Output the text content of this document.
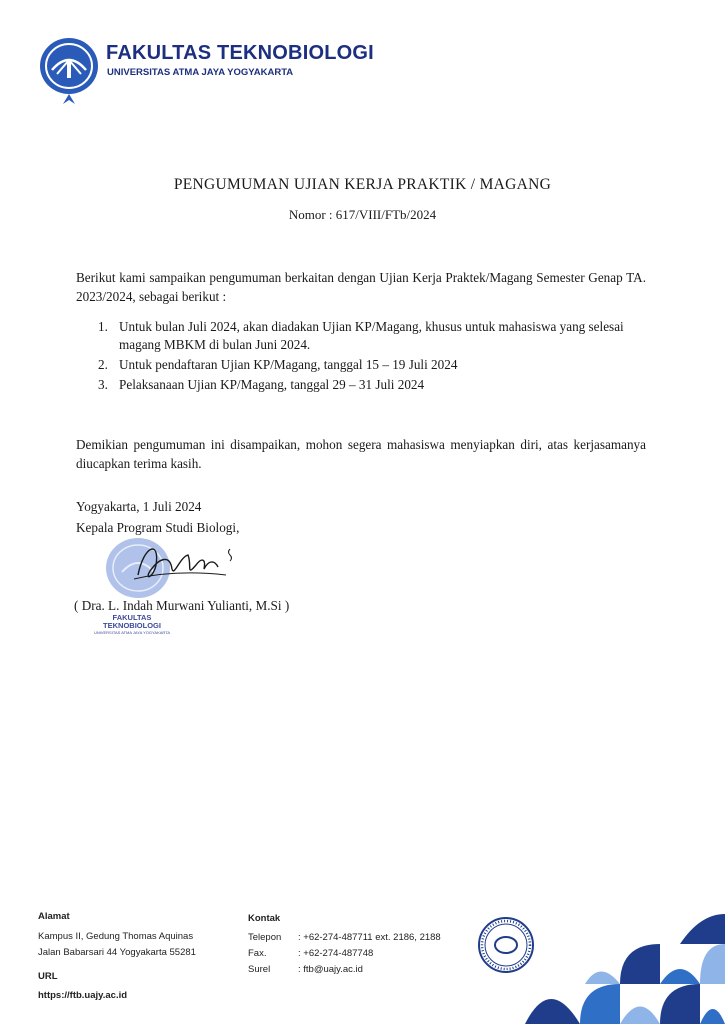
FAKULTAS TEKNOBIOLOGI
UNIVERSITAS ATMA JAYA YOGYAKARTA
PENGUMUMAN UJIAN KERJA PRAKTIK / MAGANG
Nomor : 617/VIII/FTb/2024
Berikut kami sampaikan pengumuman berkaitan dengan Ujian Kerja Praktek/Magang Semester Genap TA. 2023/2024, sebagai berikut :
1. Untuk bulan Juli 2024, akan diadakan Ujian KP/Magang, khusus untuk mahasiswa yang selesai magang MBKM di bulan Juni 2024.
2. Untuk pendaftaran Ujian KP/Magang, tanggal 15 – 19 Juli 2024
3. Pelaksanaan Ujian KP/Magang, tanggal 29 – 31 Juli 2024
Demikian pengumuman ini disampaikan, mohon segera mahasiswa menyiapkan diri, atas kerjasamanya diucapkan terima kasih.
Yogyakarta, 1 Juli 2024
Kepala Program Studi Biologi,
( Dra. L. Indah Murwani Yulianti, M.Si )
FAKULTAS
TEKNOBIOLOGI
UNIVERSITAS ATMA JAYA YOGYAKARTA
Alamat
Kampus II, Gedung Thomas Aquinas
Jalan Babarsari 44 Yogyakarta 55281
URL
https://ftb.uajy.ac.id
Kontak
Telepon : +62-274-487711 ext. 2186, 2188
Fax.	: +62-274-487748
Surel	: ftb@uajy.ac.id
